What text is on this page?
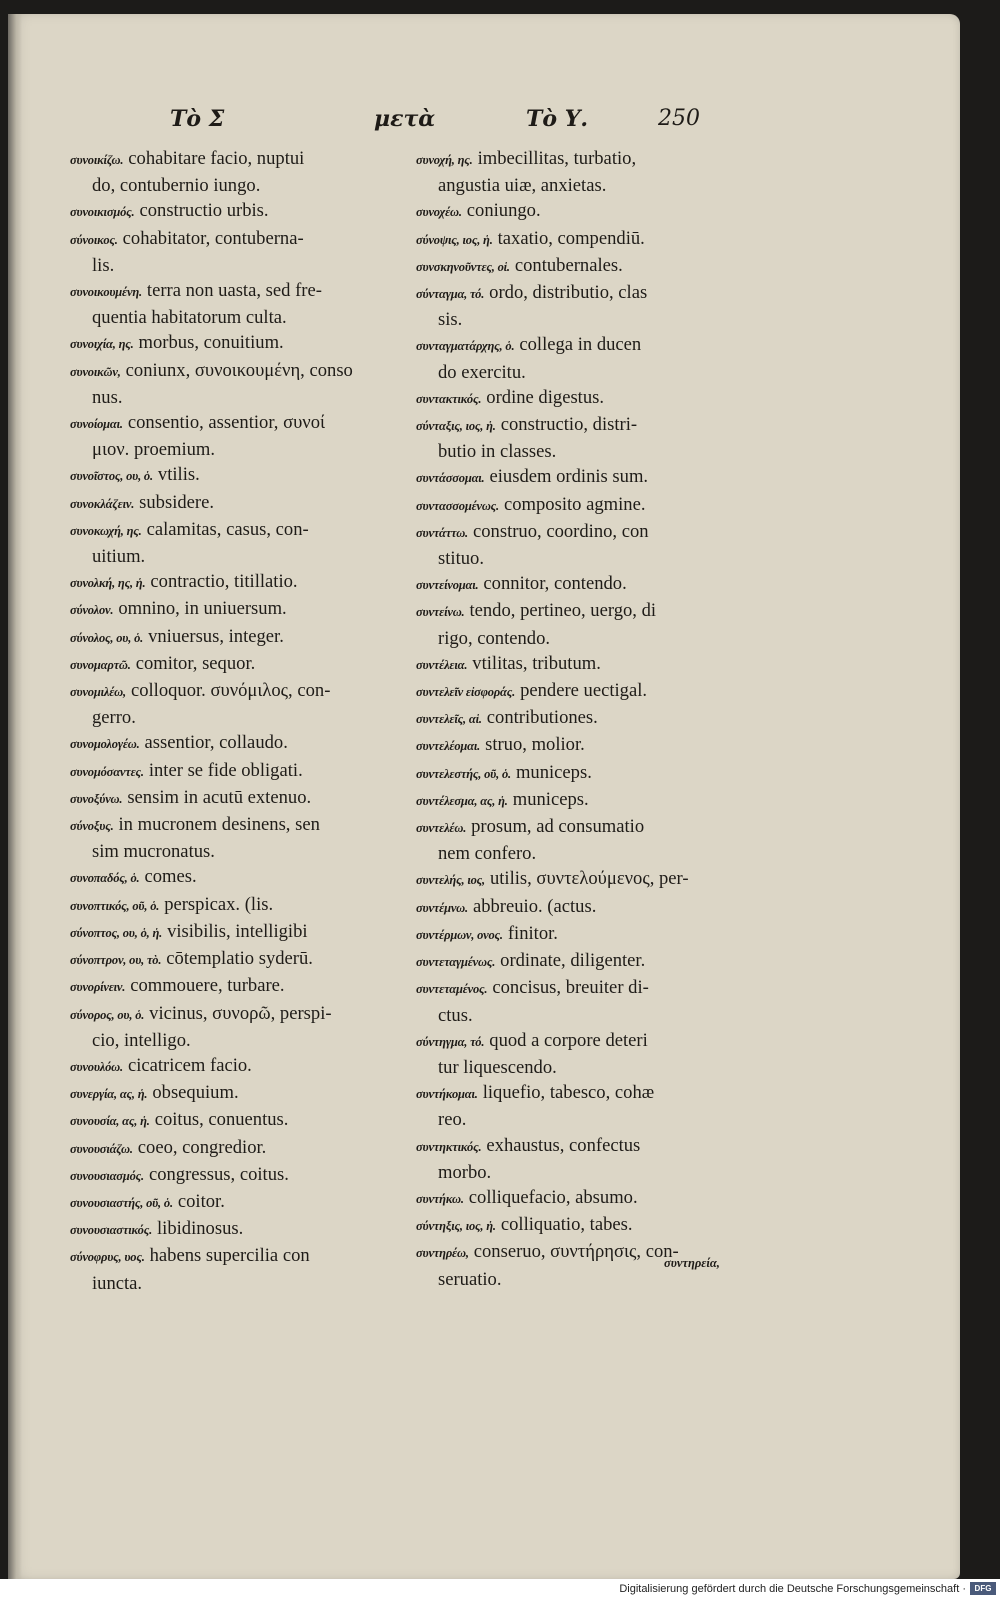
Τὸ Σ	μετὰ	Τὸ Υ.	250

συνοικίζω. cohabitare facio, nuptui

do, contubernio iungo.

συνοικισμός. constructio urbis.

σύνοικος. cohabitator, contuberna-

lis.

συνοικουμένη. terra non uasta, sed fre-

quentia habitatorum culta.

συνοιχία, ης. morbus, conuitium.

συνοικῶν, coniunx, συνοικουμένη, conso

nus.

συνοίομαι. consentio, assentior, συνοί

μιον. proemium.

συνοῖστος, ου, ὁ. vtilis.

συνοκλάζειν. subsidere.

συνοκωχή, ης. calamitas, casus, con-

uitium.

συνολκή, ης, ἡ. contractio, titillatio.

σύνολον. omnino, in uniuersum.

σύνολος, ου, ὁ. vniuersus, integer.

συνομαρτῶ. comitor, sequor.

συνομιλέω, colloquor. συνόμιλος, con-

gerro.

συνομολογέω. assentior, collaudo.

συνομόσαντες. inter se fide obligati.

συνοξύνω. sensim in acutū extenuo.

σύνοξυς. in mucronem desinens, sen

sim mucronatus.

συνοπαδός, ὁ. comes.

συνοπτικός, οῦ, ὁ. perspicax. (lis.

σύνοπτος, ου, ὁ, ἡ. visibilis, intelligibi

σύνοπτρον, ου, τὸ. cōtemplatio syderū.

συνορίνειν. commouere, turbare.

σύνορος, ου, ὁ. vicinus, συνορῶ, perspi-

cio, intelligo.

συνουλόω. cicatricem facio.

συνεργία, ας, ἡ. obsequium.

συνουσία, ας, ἡ. coitus, conuentus.

συνουσιάζω. coeo, congredior.

συνουσιασμός. congressus, coitus.

συνουσιαστής, οῦ, ὁ. coitor.

συνουσιαστικός. libidinosus.

σύνοφρυς, υος. habens supercilia con

iuncta.

συνοχή, ης. imbecillitas, turbatio,

angustia uiæ, anxietas.

συνοχέω. coniungo.

σύνοψις, ιος, ἡ. taxatio, compendiū.

συνσκηνοῦντες, οἱ. contubernales.

σύνταγμα, τό. ordo, distributio, clas

sis.

συνταγματάρχης, ὁ. collega in ducen

do exercitu.

συντακτικός. ordine digestus.

σύνταξις, ιος, ἡ. constructio, distri-

butio in classes.

συντάσσομαι. eiusdem ordinis sum.

συντασσομένως. composito agmine.

συντάττω. construo, coordino, con

stituo.

συντείνομαι. connitor, contendo.

συντείνω. tendo, pertineo, uergo, di

rigo, contendo.

συντέλεια. vtilitas, tributum.

συντελεῖν εἰσφοράς. pendere uectigal.

συντελεῖς, αἱ. contributiones.

συντελέομαι. struo, molior.

συντελεστής, οῦ, ὁ. municeps.

συντέλεσμα, ας, ἡ. municeps.

συντελέω. prosum, ad consumatio

nem confero.

συντελής, ιος, utilis, συντελούμενος, per-

συντέμνω. abbreuio. (actus.

συντέρμων, ονος. finitor.

συντεταγμένως. ordinate, diligenter.

συντεταμένος. concisus, breuiter di-

ctus.

σύντηγμα, τό. quod a corpore deteri

tur liquescendo.

συντήκομαι. liquefio, tabesco, cohæ

reo.

συντηκτικός. exhaustus, confectus

morbo.

συντήκω. colliquefacio, absumo.

σύντηξις, ιος, ἡ. colliquatio, tabes.

συντηρέω, conseruo, συντήρησις, con-

seruatio.

συντηρεία,
Digitalisierung gefördert durch die Deutsche Forschungsgemeinschaft ·	DFG
